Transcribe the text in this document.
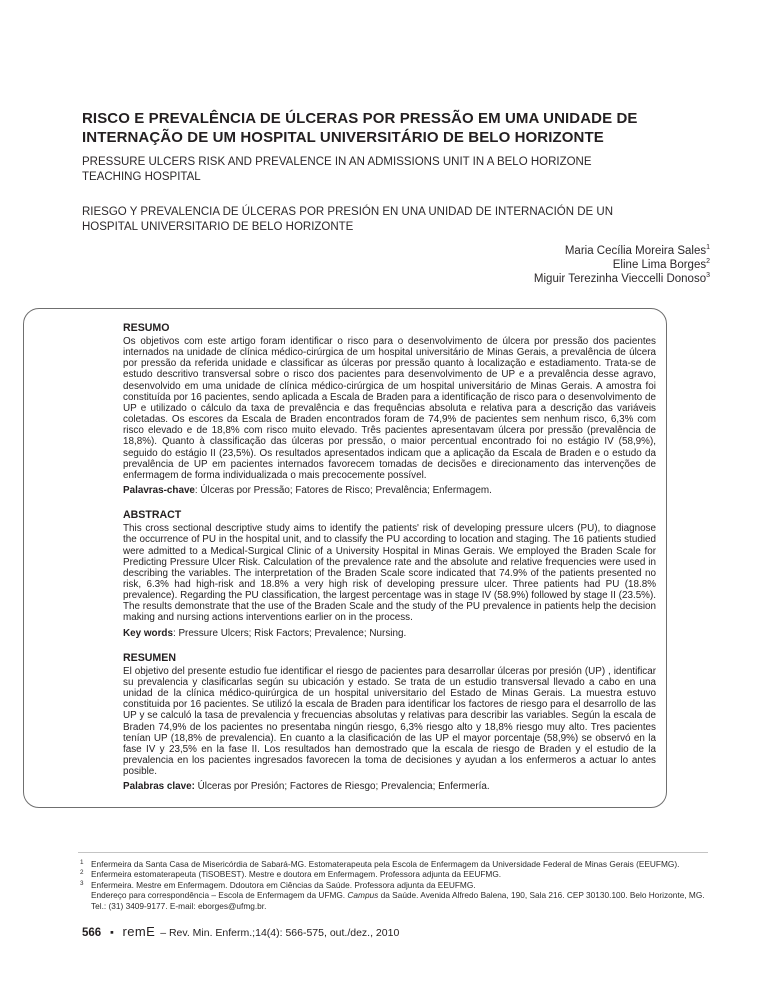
RISCO E PREVALÊNCIA DE ÚLCERAS POR PRESSÃO EM UMA UNIDADE DE INTERNAÇÃO DE UM HOSPITAL UNIVERSITÁRIO DE BELO HORIZONTE
PRESSURE ULCERS RISK AND PREVALENCE IN AN ADMISSIONS UNIT IN A BELO HORIZONE TEACHING HOSPITAL
RIESGO Y PREVALENCIA DE ÚLCERAS POR PRESIÓN EN UNA UNIDAD DE INTERNACIÓN DE UN HOSPITAL UNIVERSITARIO DE BELO HORIZONTE
Maria Cecília Moreira Sales$^1$
Eline Lima Borges$^2$
Miguir Terezinha Vieccelli Donoso$^3$
RESUMO

Os objetivos com este artigo foram identificar o risco para o desenvolvimento de úlcera por pressão dos pacientes internados na unidade de clínica médico-cirúrgica de um hospital universitário de Minas Gerais, a prevalência de úlcera por pressão da referida unidade e classificar as úlceras por pressão quanto à localização e estadiamento. Trata-se de estudo descritivo transversal sobre o risco dos pacientes para desenvolvimento de UP e a prevalência desse agravo, desenvolvido em uma unidade de clínica médico-cirúrgica de um hospital universitário de Minas Gerais. A amostra foi constituída por 16 pacientes, sendo aplicada a Escala de Braden para a identificação de risco para o desenvolvimento de UP e utilizado o cálculo da taxa de prevalência e das frequências absoluta e relativa para a descrição das variáveis coletadas. Os escores da Escala de Braden encontrados foram de 74,9% de pacientes sem nenhum risco, 6,3% com risco elevado e de 18,8% com risco muito elevado. Três pacientes apresentavam úlcera por pressão (prevalência de 18,8%). Quanto à classificação das úlceras por pressão, o maior percentual encontrado foi no estágio IV (58,9%), seguido do estágio II (23,5%). Os resultados apresentados indicam que a aplicação da Escala de Braden e o estudo da prevalência de UP em pacientes internados favorecem tomadas de decisões e direcionamento das intervenções de enfermagem de forma individualizada o mais precocemente possível.

Palavras-chave: Úlceras por Pressão; Fatores de Risco; Prevalência; Enfermagem.

ABSTRACT

This cross sectional descriptive study aims to identify the patients' risk of developing pressure ulcers (PU), to diagnose the occurrence of PU in the hospital unit, and to classify the PU according to location and staging. The 16 patients studied were admitted to a Medical-Surgical Clinic of a University Hospital in Minas Gerais. We employed the Braden Scale for Predicting Pressure Ulcer Risk. Calculation of the prevalence rate and the absolute and relative frequencies were used in describing the variables. The interpretation of the Braden Scale score indicated that 74.9% of the patients presented no risk, 6.3% had high-risk and 18.8% a very high risk of developing pressure ulcer. Three patients had PU (18.8% prevalence). Regarding the PU classification, the largest percentage was in stage IV (58.9%) followed by stage II (23.5%). The results demonstrate that the use of the Braden Scale and the study of the PU prevalence in patients help the decision making and nursing actions interventions earlier on in the process.

Key words: Pressure Ulcers; Risk Factors; Prevalence; Nursing.

RESUMEN

El objetivo del presente estudio fue identificar el riesgo de pacientes para desarrollar úlceras por presión (UP) , identificar su prevalencia y clasificarlas según su ubicación y estado. Se trata de un estudio transversal llevado a cabo en una unidad de la clínica médico-quirúrgica de un hospital universitario del Estado de Minas Gerais. La muestra estuvo constituida por 16 pacientes. Se utilizó la escala de Braden para identificar los factores de riesgo para el desarrollo de las UP y se calculó la tasa de prevalencia y frecuencias absolutas y relativas para describir las variables. Según la escala de Braden 74,9% de los pacientes no presentaba ningún riesgo, 6,3% riesgo alto y 18,8% riesgo muy alto. Tres pacientes tenían UP (18,8% de prevalencia). En cuanto a la clasificación de las UP el mayor porcentaje (58,9%) se observó en la fase IV y 23,5% en la fase II. Los resultados han demostrado que la escala de riesgo de Braden y el estudio de la prevalencia en los pacientes ingresados favorecen la toma de decisiones y ayudan a los enfermeros a actuar lo antes posible.

Palabras clave: Úlceras por Presión; Factores de Riesgo; Prevalencia; Enfermería.

1 Enfermeira da Santa Casa de Misericórdia de Sabará-MG. Estomaterapeuta pela Escola de Enfermagem da Universidade Federal de Minas Gerais (EEUFMG).
2 Enfermeira estomaterapeuta (TiSOBEST). Mestre e doutora em Enfermagem. Professora adjunta da EEUFMG.
3 Enfermeira. Mestre em Enfermagem. Ddoutora em Ciências da Saúde. Professora adjunta da EEUFMG.
Endereço para correspondência – Escola de Enfermagem da UFMG. Campus da Saúde. Avenida Alfredo Balena, 190, Sala 216. CEP 30130.100. Belo Horizonte, MG. Tel.: (31) 3409-9177. E-mail: eborges@ufmg.br.
566 ■ remE – Rev. Min. Enferm.;14(4): 566-575, out./dez., 2010
